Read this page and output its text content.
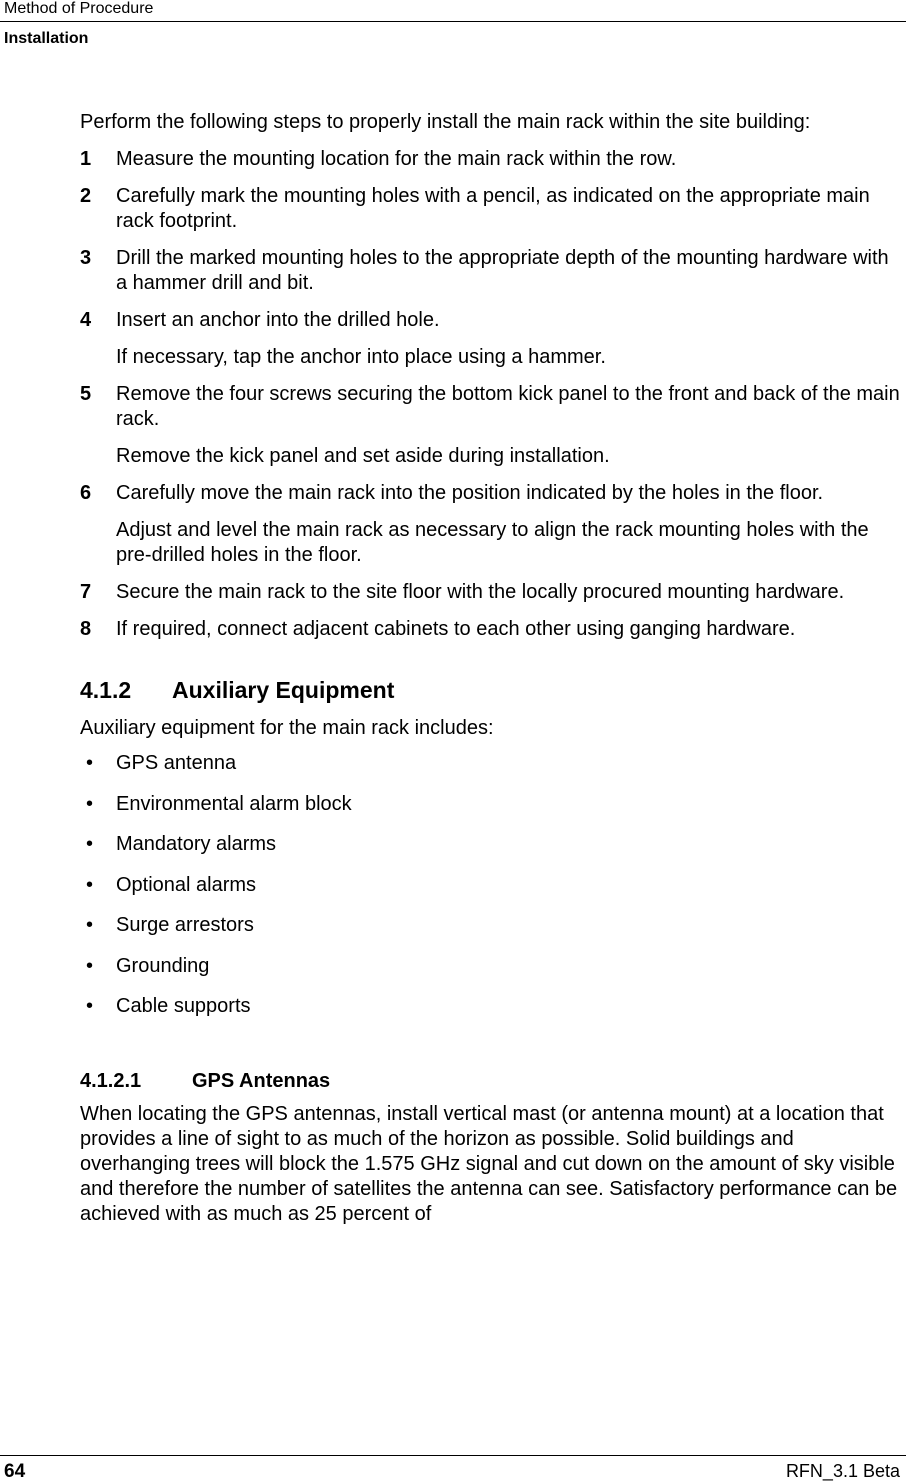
Method of Procedure
Installation

Perform the following steps to properly install the main rack within the site building:

1	Measure the mounting location for the main rack within the row.

2	Carefully mark the mounting holes with a pencil, as indicated on the appropriate main rack footprint.

3	Drill the marked mounting holes to the appropriate depth of the mounting hardware with a hammer drill and bit.

4	Insert an anchor into the drilled hole.

If necessary, tap the anchor into place using a hammer.

5	Remove the four screws securing the bottom kick panel to the front and back of the main rack.

Remove the kick panel and set aside during installation.

6	Carefully move the main rack into the position indicated by the holes in the floor.

Adjust and level the main rack as necessary to align the rack mounting holes with the pre-drilled holes in the floor.

7	Secure the main rack to the site floor with the locally procured mounting hardware.

8	If required, connect adjacent cabinets to each other using ganging hardware.

4.1.2	Auxiliary Equipment

Auxiliary equipment for the main rack includes:

•	GPS antenna
•	Environmental alarm block
•	Mandatory alarms
•	Optional alarms
•	Surge arrestors
•	Grounding
•	Cable supports
4.1.2.1	GPS Antennas

When locating the GPS antennas, install vertical mast (or antenna mount) at a location that provides a line of sight to as much of the horizon as possible. Solid buildings and overhanging trees will block the 1.575 GHz signal and cut down on the amount of sky visible and therefore the number of satellites the antenna can see. Satisfactory performance can be achieved with as much as 25 percent of

64	RFN_3.1 Beta
